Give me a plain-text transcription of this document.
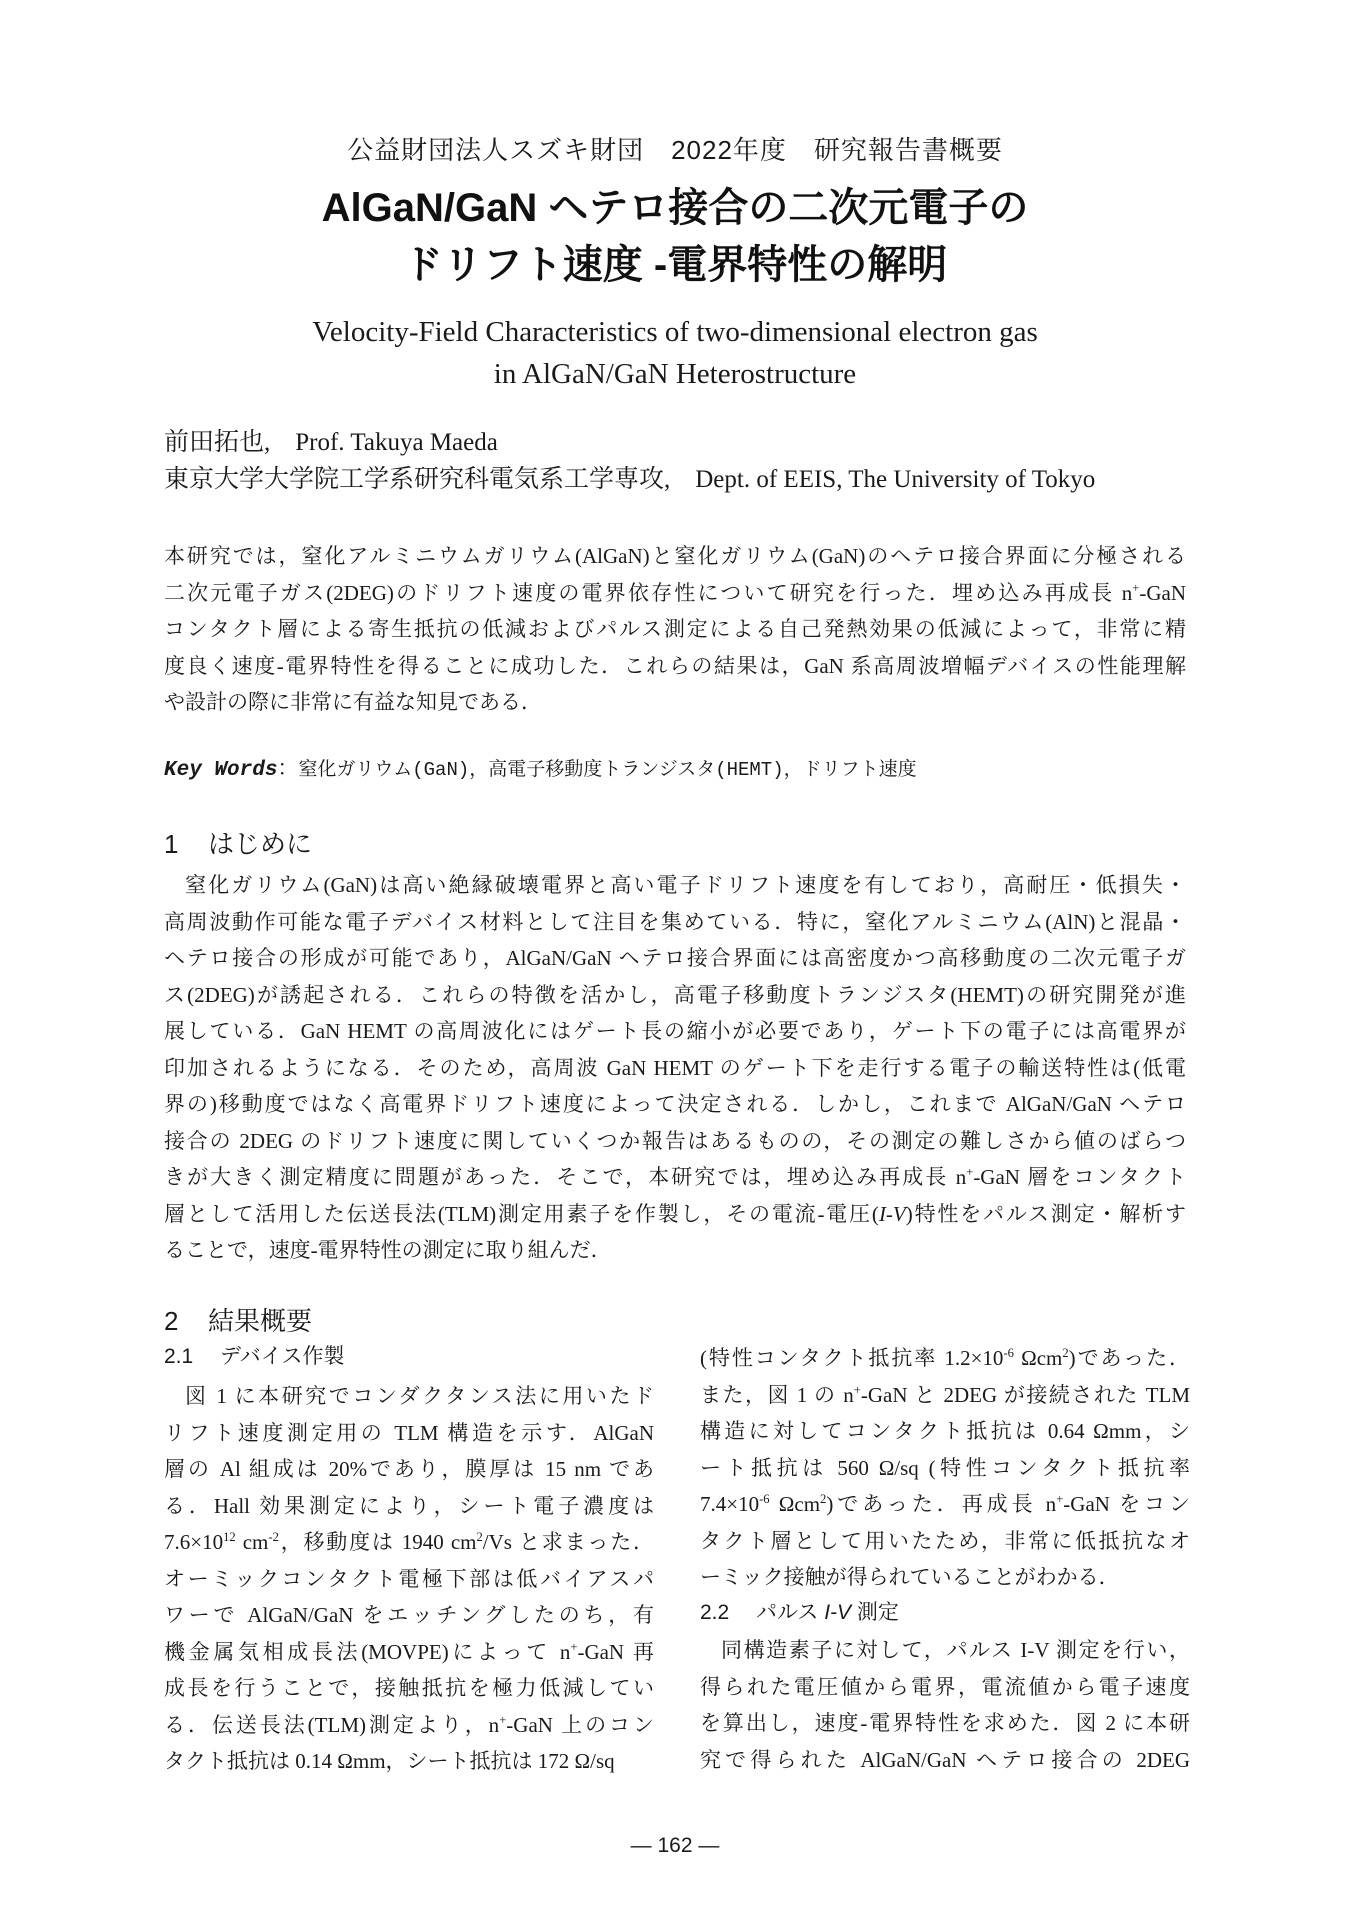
公益財団法人スズキ財団　2022年度　研究報告書概要
AlGaN/GaN ヘテロ接合の二次元電子の
ドリフト速度 -電界特性の解明
Velocity-Field Characteristics of two-dimensional electron gas
in AlGaN/GaN Heterostructure
前田拓也,　Prof. Takuya Maeda
東京大学大学院工学系研究科電気系工学専攻,　Dept. of EEIS, The University of Tokyo
本研究では，窒化アルミニウムガリウム(AlGaN)と窒化ガリウム(GaN)のヘテロ接合界面に分極される
二次元電子ガス(2DEG)のドリフト速度の電界依存性について研究を行った．埋め込み再成長 n+-GaN
コンタクト層による寄生抵抗の低減およびパルス測定による自己発熱効果の低減によって，非常に精
度良く速度-電界特性を得ることに成功した．これらの結果は，GaN 系高周波増幅デバイスの性能理解
や設計の際に非常に有益な知見である．
Key Words：窒化ガリウム(GaN)，高電子移動度トランジスタ(HEMT)，ドリフト速度
1 はじめに
窒化ガリウム(GaN)は高い絶縁破壊電界と高い電子ドリフト速度を有しており，高耐圧・低損失・
高周波動作可能な電子デバイス材料として注目を集めている．特に，窒化アルミニウム(AlN)と混晶・
ヘテロ接合の形成が可能であり，AlGaN/GaN ヘテロ接合界面には高密度かつ高移動度の二次元電子ガ
ス(2DEG)が誘起される．これらの特徴を活かし，高電子移動度トランジスタ(HEMT)の研究開発が進
展している．GaN HEMT の高周波化にはゲート長の縮小が必要であり，ゲート下の電子には高電界が
印加されるようになる．そのため，高周波 GaN HEMT のゲート下を走行する電子の輸送特性は(低電
界の)移動度ではなく高電界ドリフト速度によって決定される．しかし，これまで AlGaN/GaN ヘテロ
接合の 2DEG のドリフト速度に関していくつか報告はあるものの，その測定の難しさから値のばらつ
きが大きく測定精度に問題があった．そこで，本研究では，埋め込み再成長 n+-GaN 層をコンタクト
層として活用した伝送長法(TLM)測定用素子を作製し，その電流-電圧(I-V)特性をパルス測定・解析す
ることで，速度-電界特性の測定に取り組んだ．
2 結果概要
2.1 デバイス作製
図 1 に本研究でコンダクタンス法に用いたド
リフト速度測定用の TLM 構造を示す．AlGaN
層の Al 組成は 20%であり，膜厚は 15 nm であ
る．Hall 効果測定により，シート電子濃度は
$7.6\times 10^{12}$ $cm^{-2}$，移動度は 1940 $cm^2/Vs$ と求まった．
オーミックコンタクト電極下部は低バイアスパ
ワーで AlGaN/GaN をエッチングしたのち，有
機金属気相成長法(MOVPE)によって n+-GaN 再
成長を行うことで，接触抵抗を極力低減してい
る．伝送長法(TLM)測定より，n+-GaN 上のコン
タクト抵抗は 0.14 Ωmm，シート抵抗は 172 Ω/sq
(特性コンタクト抵抗率 $1.2\times 10^{-6}$ Ωcm$^2$)であった．
また，図 1 の n+-GaN と 2DEG が接続された TLM
構造に対してコンタクト抵抗は 0.64 Ωmm，シ
ート抵抗は 560 Ω/sq (特性コンタクト抵抗率
$7.4\times 10^{-6}$ Ωcm$^2$)であった．再成長 n+-GaN をコン
タクト層として用いたため，非常に低抵抗なオ
ーミック接触が得られていることがわかる．
2.2 パルス I-V 測定
同構造素子に対して，パルス I-V 測定を行い，
得られた電圧値から電界，電流値から電子速度
を算出し，速度-電界特性を求めた．図 2 に本研
究で得られた AlGaN/GaN ヘテロ接合の 2DEG
— 162 —
